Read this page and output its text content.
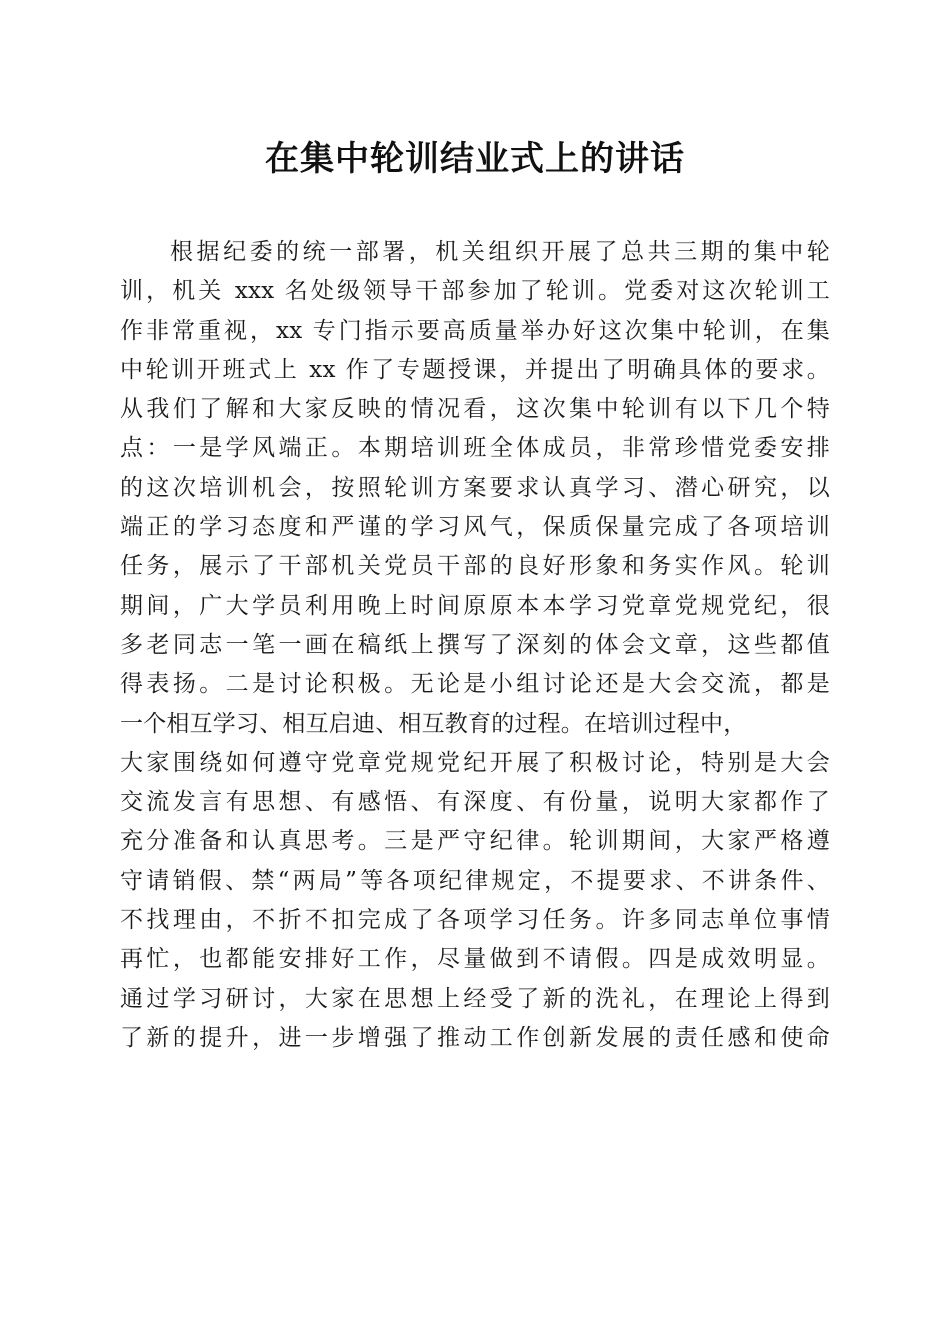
在集中轮训结业式上的讲话
根据纪委的统一部署，机关组织开展了总共三期的集中轮
训，机关 xxx 名处级领导干部参加了轮训。党委对这次轮训工
作非常重视，xx 专门指示要高质量举办好这次集中轮训，在集
中轮训开班式上 xx 作了专题授课，并提出了明确具体的要求。
从我们了解和大家反映的情况看，这次集中轮训有以下几个特
点：一是学风端正。本期培训班全体成员，非常珍惜党委安排
的这次培训机会，按照轮训方案要求认真学习、潜心研究，以
端正的学习态度和严谨的学习风气，保质保量完成了各项培训
任务，展示了干部机关党员干部的良好形象和务实作风。轮训
期间，广大学员利用晚上时间原原本本学习党章党规党纪，很
多老同志一笔一画在稿纸上撰写了深刻的体会文章，这些都值
得表扬。二是讨论积极。无论是小组讨论还是大会交流，都是
一个相互学习、相互启迪、相互教育的过程。在培训过程中，
大家围绕如何遵守党章党规党纪开展了积极讨论，特别是大会
交流发言有思想、有感悟、有深度、有份量，说明大家都作了
充分准备和认真思考。三是严守纪律。轮训期间，大家严格遵
守请销假、禁“两局”等各项纪律规定，不提要求、不讲条件、
不找理由，不折不扣完成了各项学习任务。许多同志单位事情
再忙，也都能安排好工作，尽量做到不请假。四是成效明显。
通过学习研讨，大家在思想上经受了新的洗礼，在理论上得到
了新的提升，进一步增强了推动工作创新发展的责任感和使命
